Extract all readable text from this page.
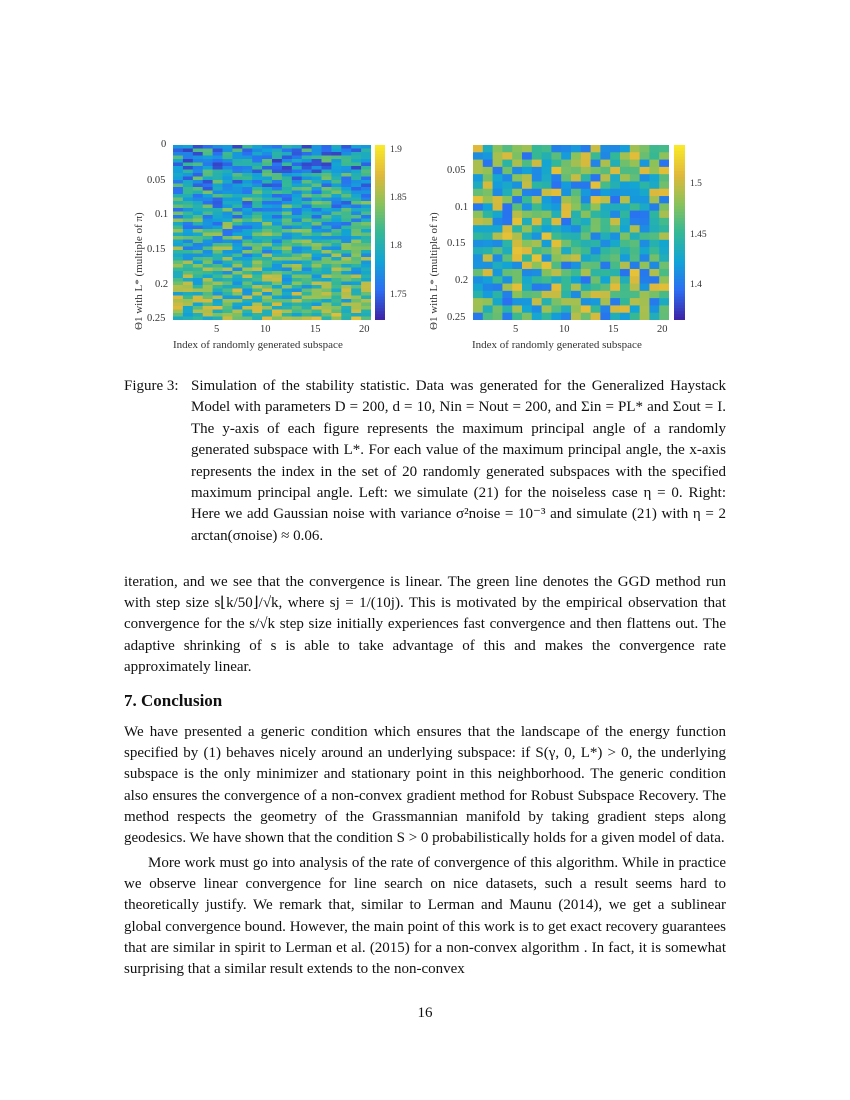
Θ1 with L* (multiple of π)
0
0.05
0.1
0.15
0.2
0.25
5	10	15	20
Index of randomly generated subspace
1.9
1.85
1.8
1.75 Θ1 with L* (multiple of π)
0.05
0.1
0.15
0.2
0.25
5	10	15	20
Index of randomly generated subspace
1.5
1.45
1.4
Figure 3: Simulation of the stability statistic. Data was generated for the Generalized Haystack Model with parameters D = 200, d = 10, Nin = Nout = 200, and Σin = PL* and Σout = I. The y-axis of each figure represents the maximum principal angle of a randomly generated subspace with L*. For each value of the maximum principal angle, the x-axis represents the index in the set of 20 randomly generated subspaces with the specified maximum principal angle. Left: we simulate (21) for the noiseless case η = 0. Right: Here we add Gaussian noise with variance σ²noise = 10⁻³ and simulate (21) with η = 2 arctan(σnoise) ≈ 0.06.
iteration, and we see that the convergence is linear. The green line denotes the GGD method run with step size s⌊k/50⌋/√k, where sj = 1/(10j). This is motivated by the empirical observation that convergence for the s/√k step size initially experiences fast convergence and then flattens out. The adaptive shrinking of s is able to take advantage of this and makes the convergence rate approximately linear.
7. Conclusion
We have presented a generic condition which ensures that the landscape of the energy function specified by (1) behaves nicely around an underlying subspace: if S(γ, 0, L*) > 0, the underlying subspace is the only minimizer and stationary point in this neighborhood. The generic condition also ensures the convergence of a non-convex gradient method for Robust Subspace Recovery. The method respects the geometry of the Grassmannian manifold by taking gradient steps along geodesics. We have shown that the condition S > 0 probabilistically holds for a given model of data.
More work must go into analysis of the rate of convergence of this algorithm. While in practice we observe linear convergence for line search on nice datasets, such a result seems hard to theoretically justify. We remark that, similar to Lerman and Maunu (2014), we get a sublinear global convergence bound. However, the main point of this work is to get exact recovery guarantees that are similar in spirit to Lerman et al. (2015) for a non-convex algorithm . In fact, it is somewhat surprising that a similar result extends to the non-convex
16
